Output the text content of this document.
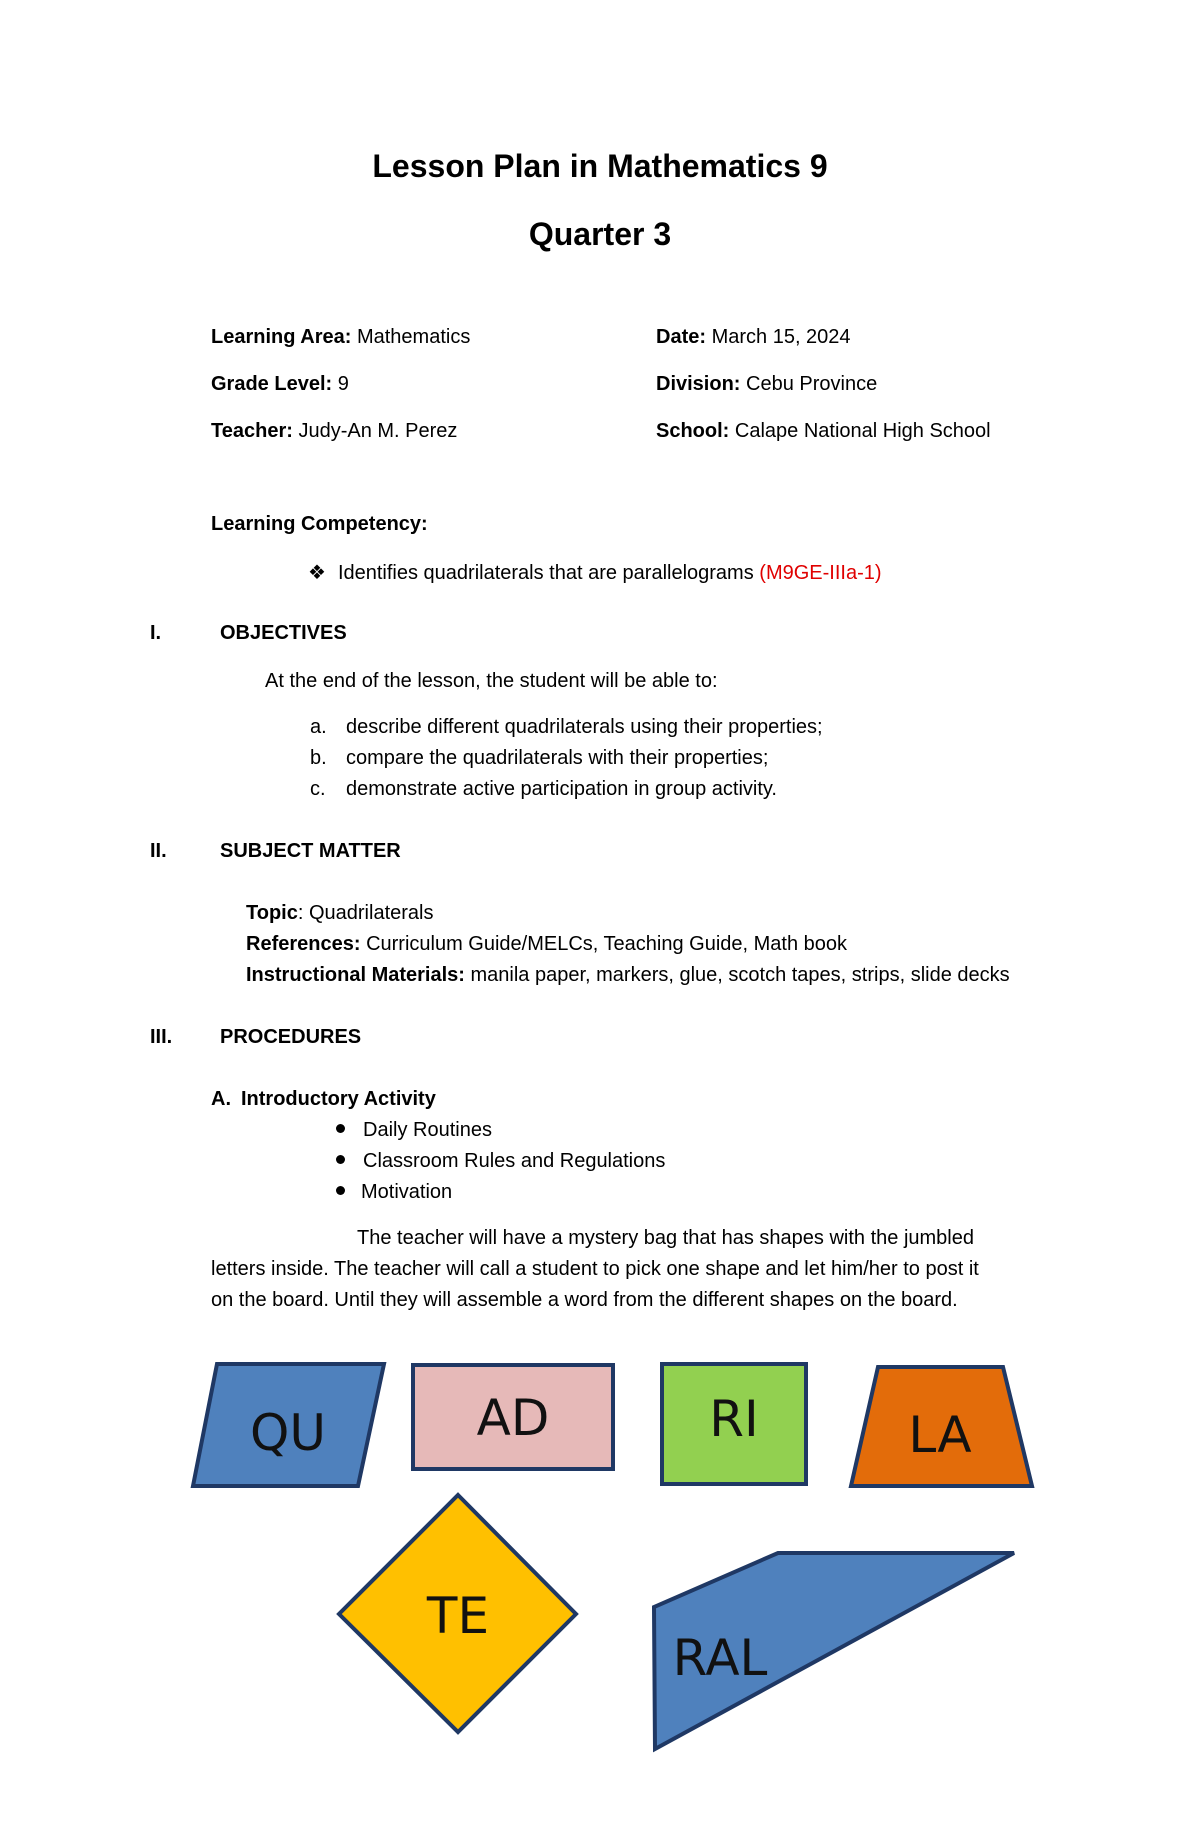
Lesson Plan in Mathematics 9
Quarter 3
Learning Area: Mathematics
Grade Level: 9
Teacher: Judy-An M. Perez
Date: March 15, 2024
Division: Cebu Province
School: Calape National High School
Learning Competency:
❖ Identifies quadrilaterals that are parallelograms (M9GE-IIIa-1)
I.	OBJECTIVES
At the end of the lesson, the student will be able to:
a. describe different quadrilaterals using their properties;
b. compare the quadrilaterals with their properties;
c. demonstrate active participation in group activity.
II.	SUBJECT MATTER
Topic: Quadrilaterals
References: Curriculum Guide/MELCs, Teaching Guide, Math book
Instructional Materials: manila paper, markers, glue, scotch tapes, strips, slide decks
III. PROCEDURES
A. Introductory Activity
Daily Routines
Classroom Rules and Regulations
Motivation
The teacher will have a mystery bag that has shapes with the jumbled
letters inside. The teacher will call a student to pick one shape and let him/her to post it
on the board. Until they will assemble a word from the different shapes on the board.
QU	AD	RI	LA
TE
RAL
